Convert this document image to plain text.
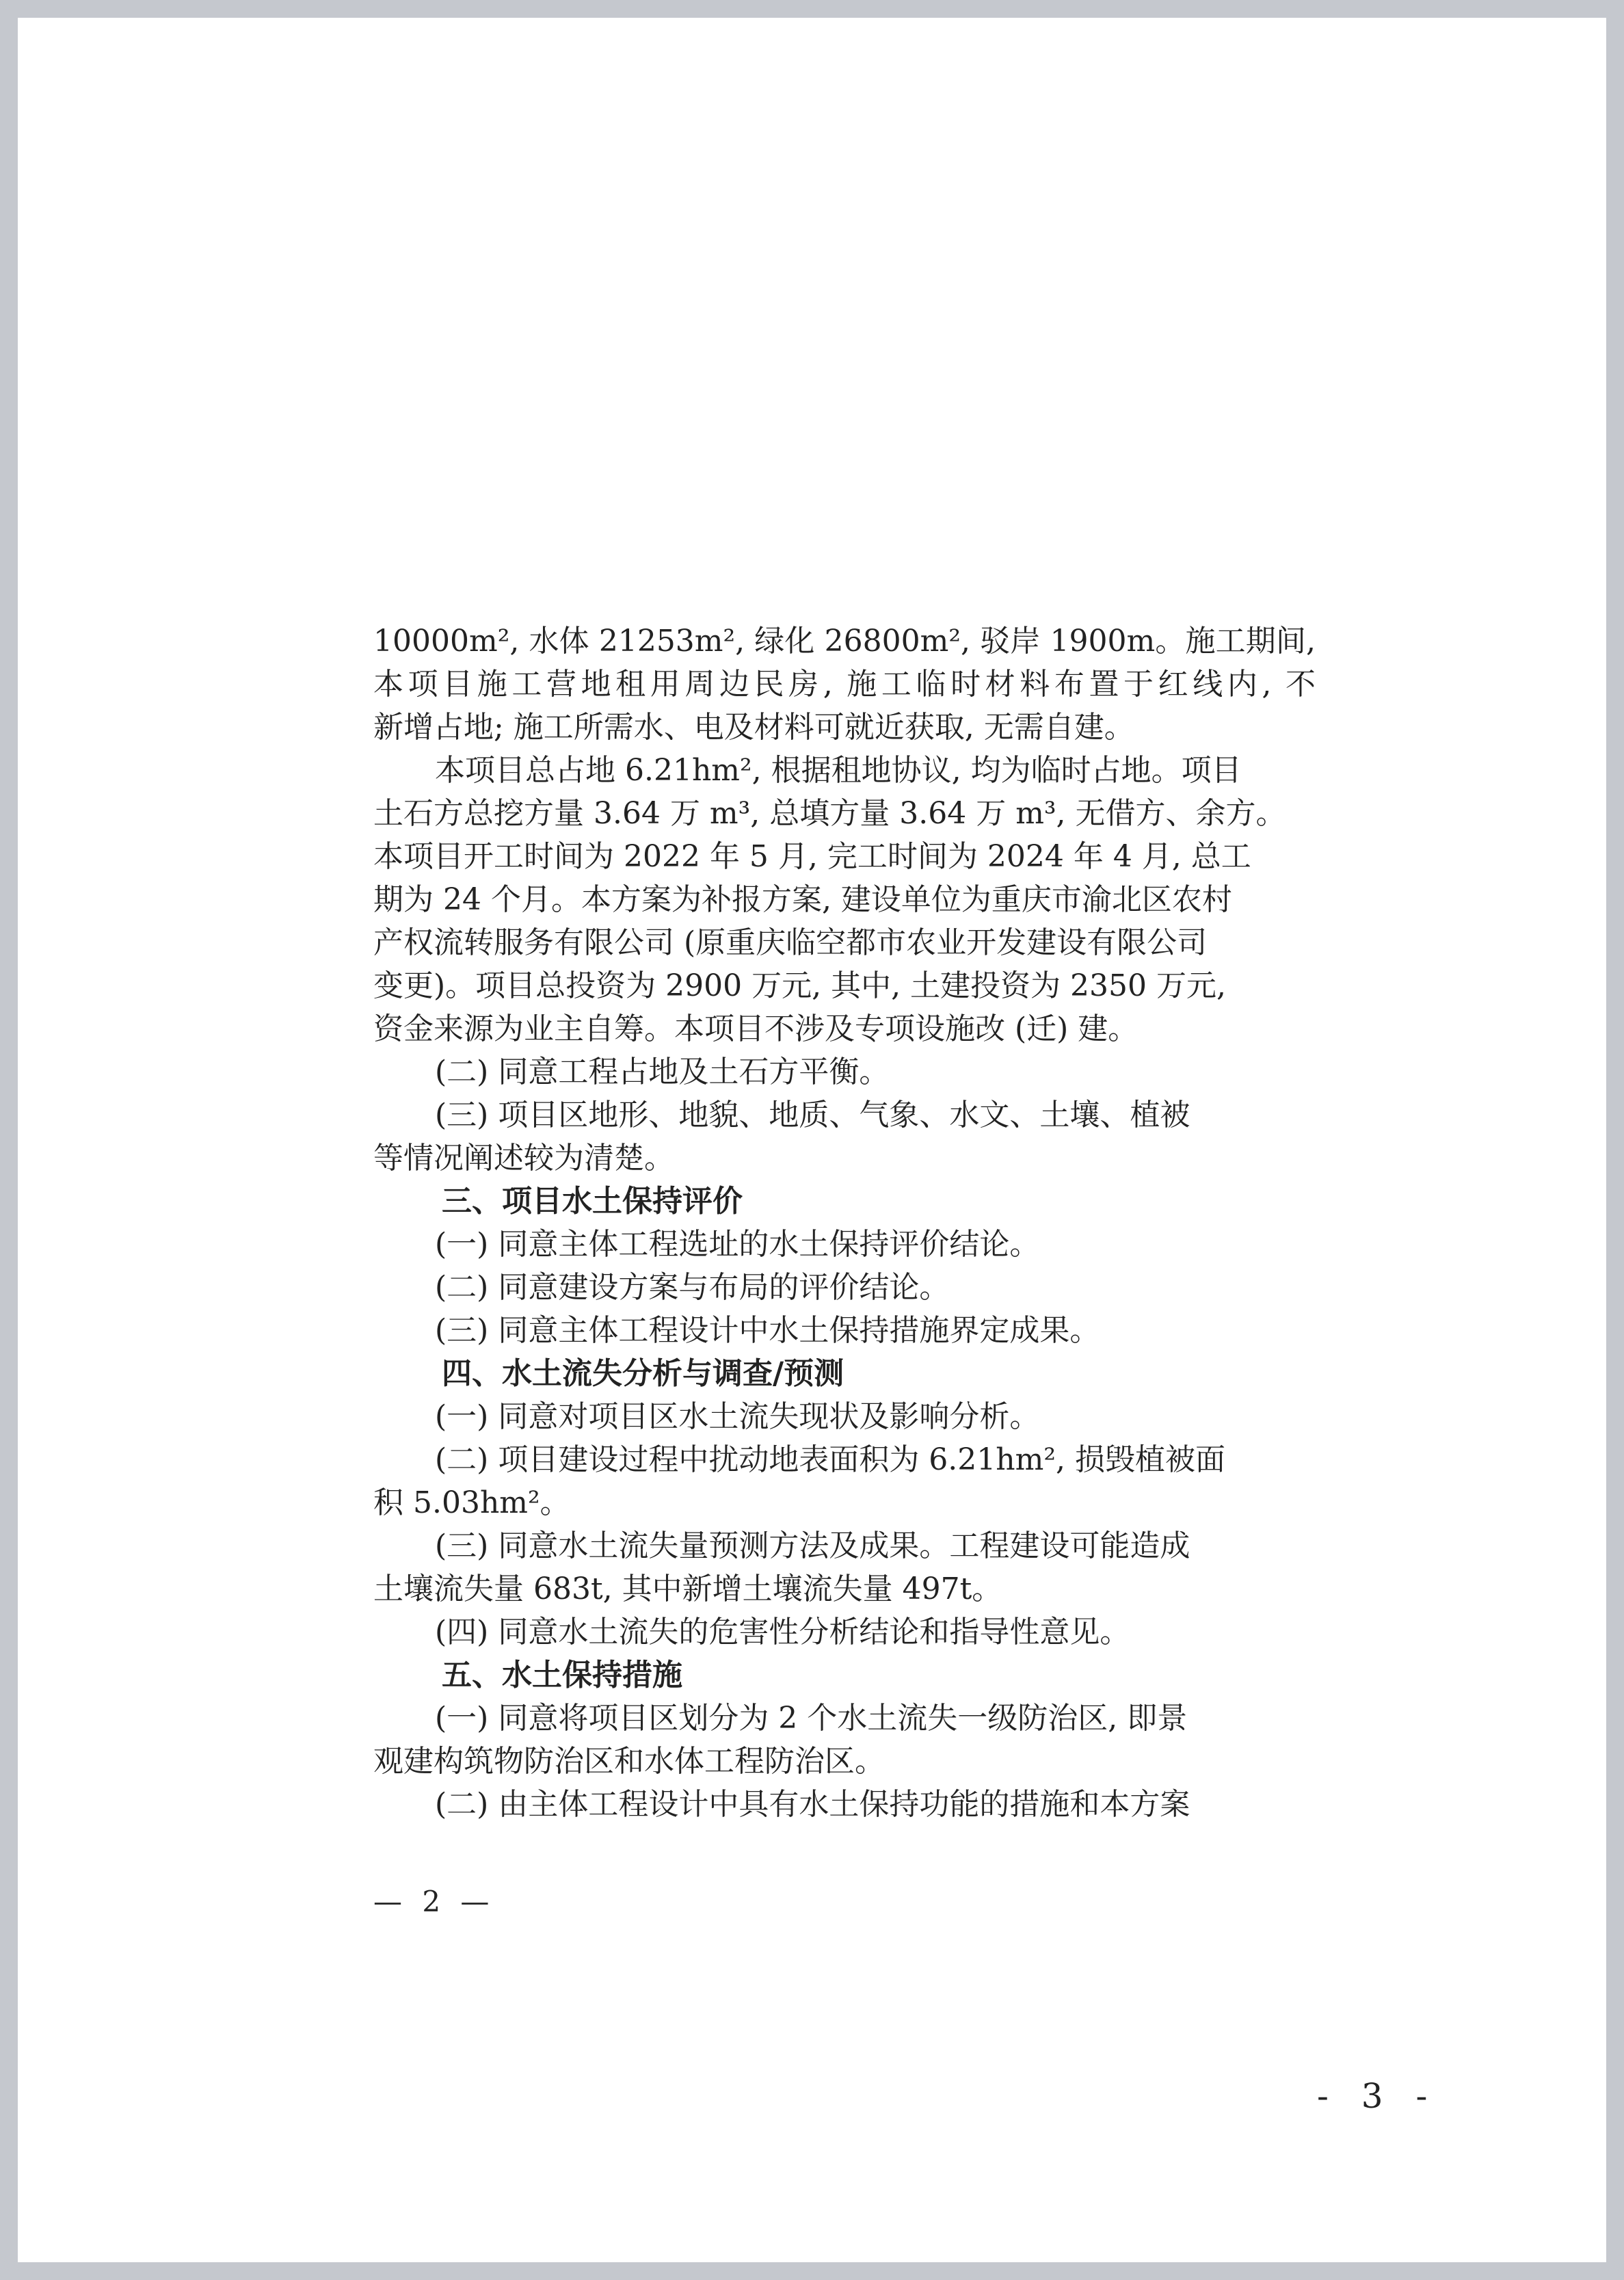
10000m², 水体 21253m², 绿化 26800m², 驳岸 1900m。施工期间,
本项目施工营地租用周边民房, 施工临时材料布置于红线内, 不
新增占地; 施工所需水、电及材料可就近获取, 无需自建。
本项目总占地 6.21hm², 根据租地协议, 均为临时占地。项目
土石方总挖方量 3.64 万 m³, 总填方量 3.64 万 m³, 无借方、余方。
本项目开工时间为 2022 年 5 月, 完工时间为 2024 年 4 月, 总工
期为 24 个月。本方案为补报方案, 建设单位为重庆市渝北区农村
产权流转服务有限公司 (原重庆临空都市农业开发建设有限公司
变更)。项目总投资为 2900 万元, 其中, 土建投资为 2350 万元,
资金来源为业主自筹。本项目不涉及专项设施改 (迁) 建。
(二) 同意工程占地及土石方平衡。
(三) 项目区地形、地貌、地质、气象、水文、土壤、植被
等情况阐述较为清楚。
三、项目水土保持评价
(一) 同意主体工程选址的水土保持评价结论。
(二) 同意建设方案与布局的评价结论。
(三) 同意主体工程设计中水土保持措施界定成果。
四、水土流失分析与调查/预测
(一) 同意对项目区水土流失现状及影响分析。
(二) 项目建设过程中扰动地表面积为 6.21hm², 损毁植被面
积 5.03hm²。
(三) 同意水土流失量预测方法及成果。工程建设可能造成
土壤流失量 683t, 其中新增土壤流失量 497t。
(四) 同意水土流失的危害性分析结论和指导性意见。
五、水土保持措施
(一) 同意将项目区划分为 2 个水土流失一级防治区, 即景
观建构筑物防治区和水体工程防治区。
(二) 由主体工程设计中具有水土保持功能的措施和本方案
— 2 —
- 3 -
